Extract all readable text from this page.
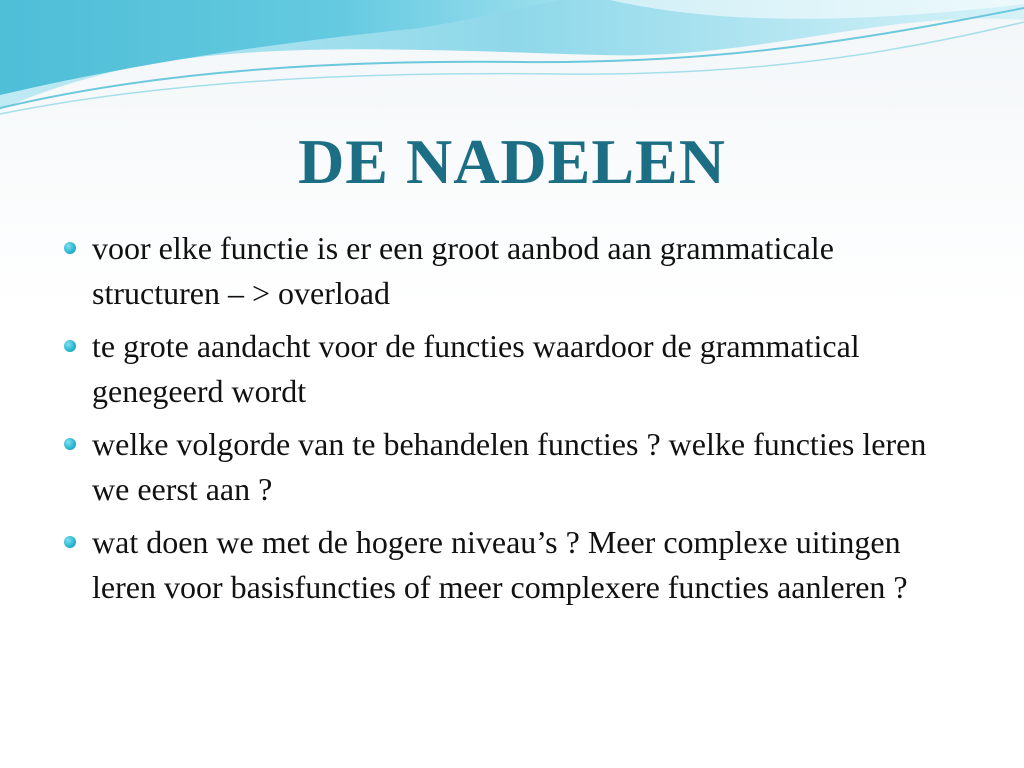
DE NADELEN
voor elke functie is er een groot aanbod aan grammaticale structuren – > overload
te grote aandacht voor de functies waardoor de grammatical genegeerd wordt
welke volgorde van te behandelen functies ? welke functies leren we eerst aan ?
wat doen we met de hogere niveau’s ? Meer complexe uitingen leren voor basisfuncties of meer complexere functies aanleren ?
